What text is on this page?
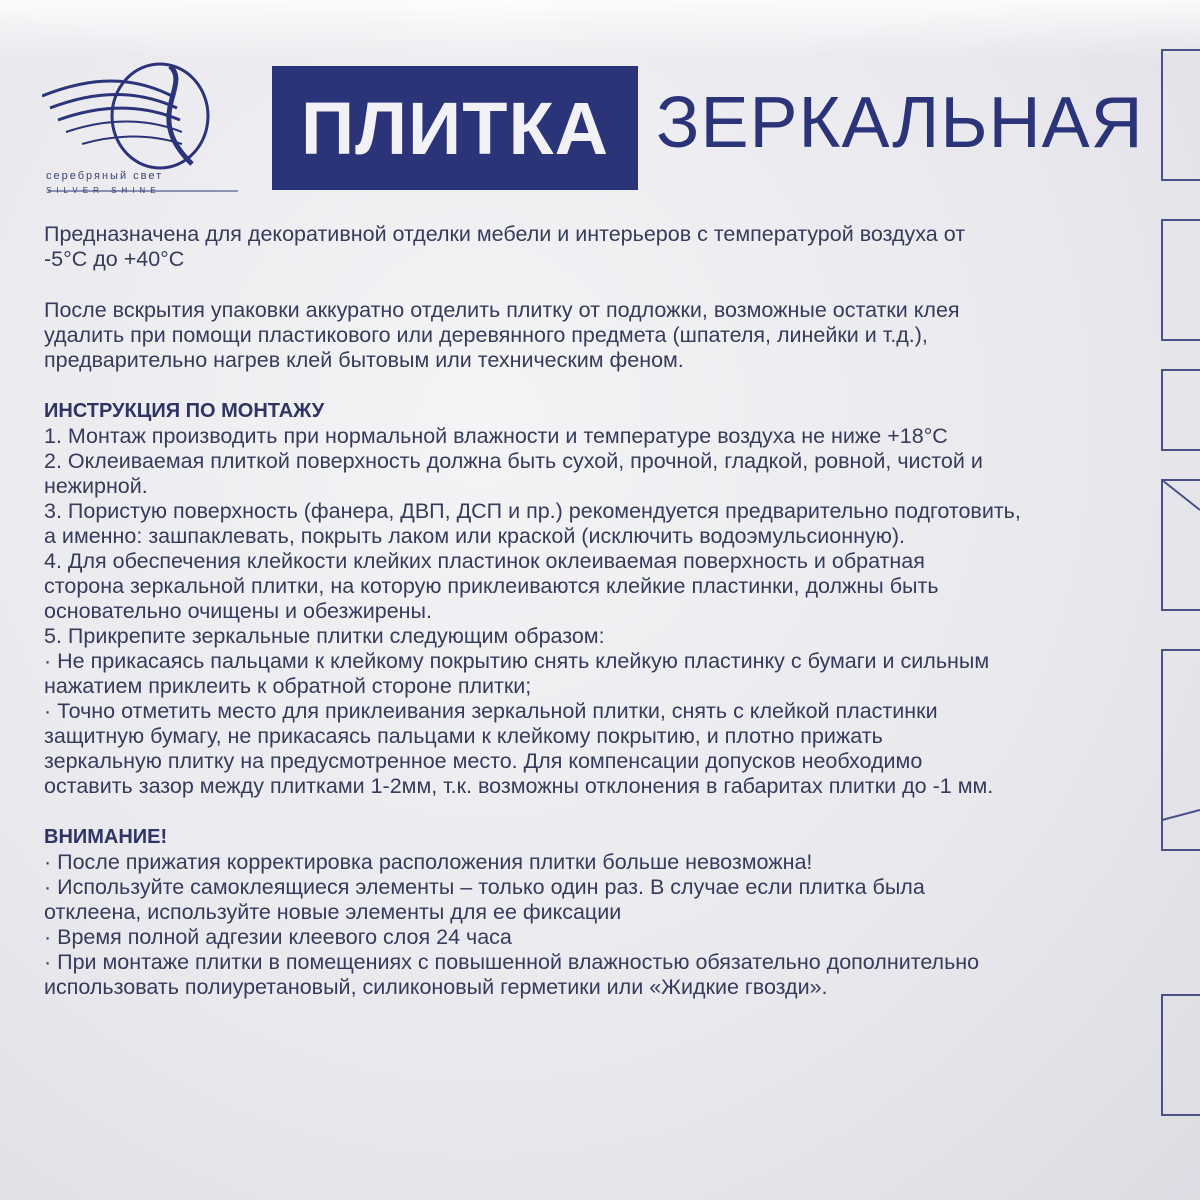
серебряный свет
SILVER SHINE
ПЛИТКА ЗЕРКАЛЬНАЯ

Предназначена для декоративной отделки мебели и интерьеров с температурой воздуха от

-5°С до +40°С

После вскрытия упаковки аккуратно отделить плитку от подложки, возможные остатки клея

удалить при помощи пластикового или деревянного предмета (шпателя, линейки и т.д.),

предварительно нагрев клей бытовым или техническим феном.

ИНСТРУКЦИЯ ПО МОНТАЖУ

1. Монтаж производить при нормальной влажности и температуре воздуха не ниже +18°С

2. Оклеиваемая плиткой поверхность должна быть сухой, прочной, гладкой, ровной, чистой и

нежирной.

3. Пористую поверхность (фанера, ДВП, ДСП и пр.) рекомендуется предварительно подготовить,

а именно: зашпаклевать, покрыть лаком или краской (исключить водоэмульсионную).

4. Для обеспечения клейкости клейких пластинок оклеиваемая поверхность и обратная

сторона зеркальной плитки, на которую приклеиваются клейкие пластинки, должны быть

основательно очищены и обезжирены.

5. Прикрепите зеркальные плитки следующим образом:

· Не прикасаясь пальцами к клейкому покрытию снять клейкую пластинку с бумаги и сильным

нажатием приклеить к обратной стороне плитки;

· Точно отметить место для приклеивания зеркальной плитки, снять с клейкой пластинки

защитную бумагу, не прикасаясь пальцами к клейкому покрытию, и плотно прижать

зеркальную плитку на предусмотренное место. Для компенсации допусков необходимо

оставить зазор между плитками 1-2мм, т.к. возможны отклонения в габаритах плитки до -1 мм.

ВНИМАНИЕ!

· После прижатия корректировка расположения плитки больше невозможна!

· Используйте самоклеящиеся элементы – только один раз. В случае если плитка была

отклеена, используйте новые элементы для ее фиксации

· Время полной адгезии клеевого слоя 24 часа

· При монтаже плитки в помещениях с повышенной влажностью обязательно дополнительно

использовать полиуретановый, силиконовый герметики или «Жидкие гвозди».
